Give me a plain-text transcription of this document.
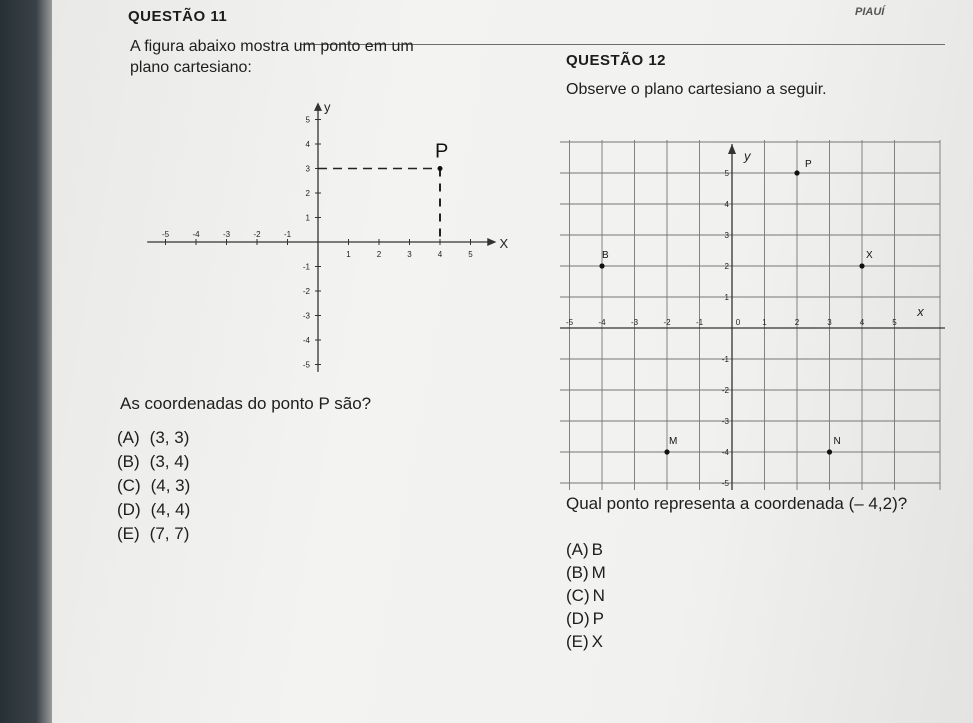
PIAUÍ
QUESTÃO 11
A figura abaixo mostra um ponto em um
plano cartesiano:
X
y
-5	-4	-3	-2	-1
1	2	3	4	5
5
4
3
2
1
-1
-2
-3
-4
-5
P
As coordenadas do ponto P são?
(A) (3, 3)
(B) (3, 4)
(C) (4, 3)
(D) (4, 4)
(E) (7, 7)
QUESTÃO 12
Observe o plano cartesiano a seguir.
x
y
-5	-4	-3	-2	-1	0	1	2	3	4	5
5
4
3
2
1
-1
-2
-3
-4
-5
P
B	X
M	N
Qual ponto representa a coordenada (– 4,2)?
(A) B
(B) M
(C) N
(D) P
(E) X
